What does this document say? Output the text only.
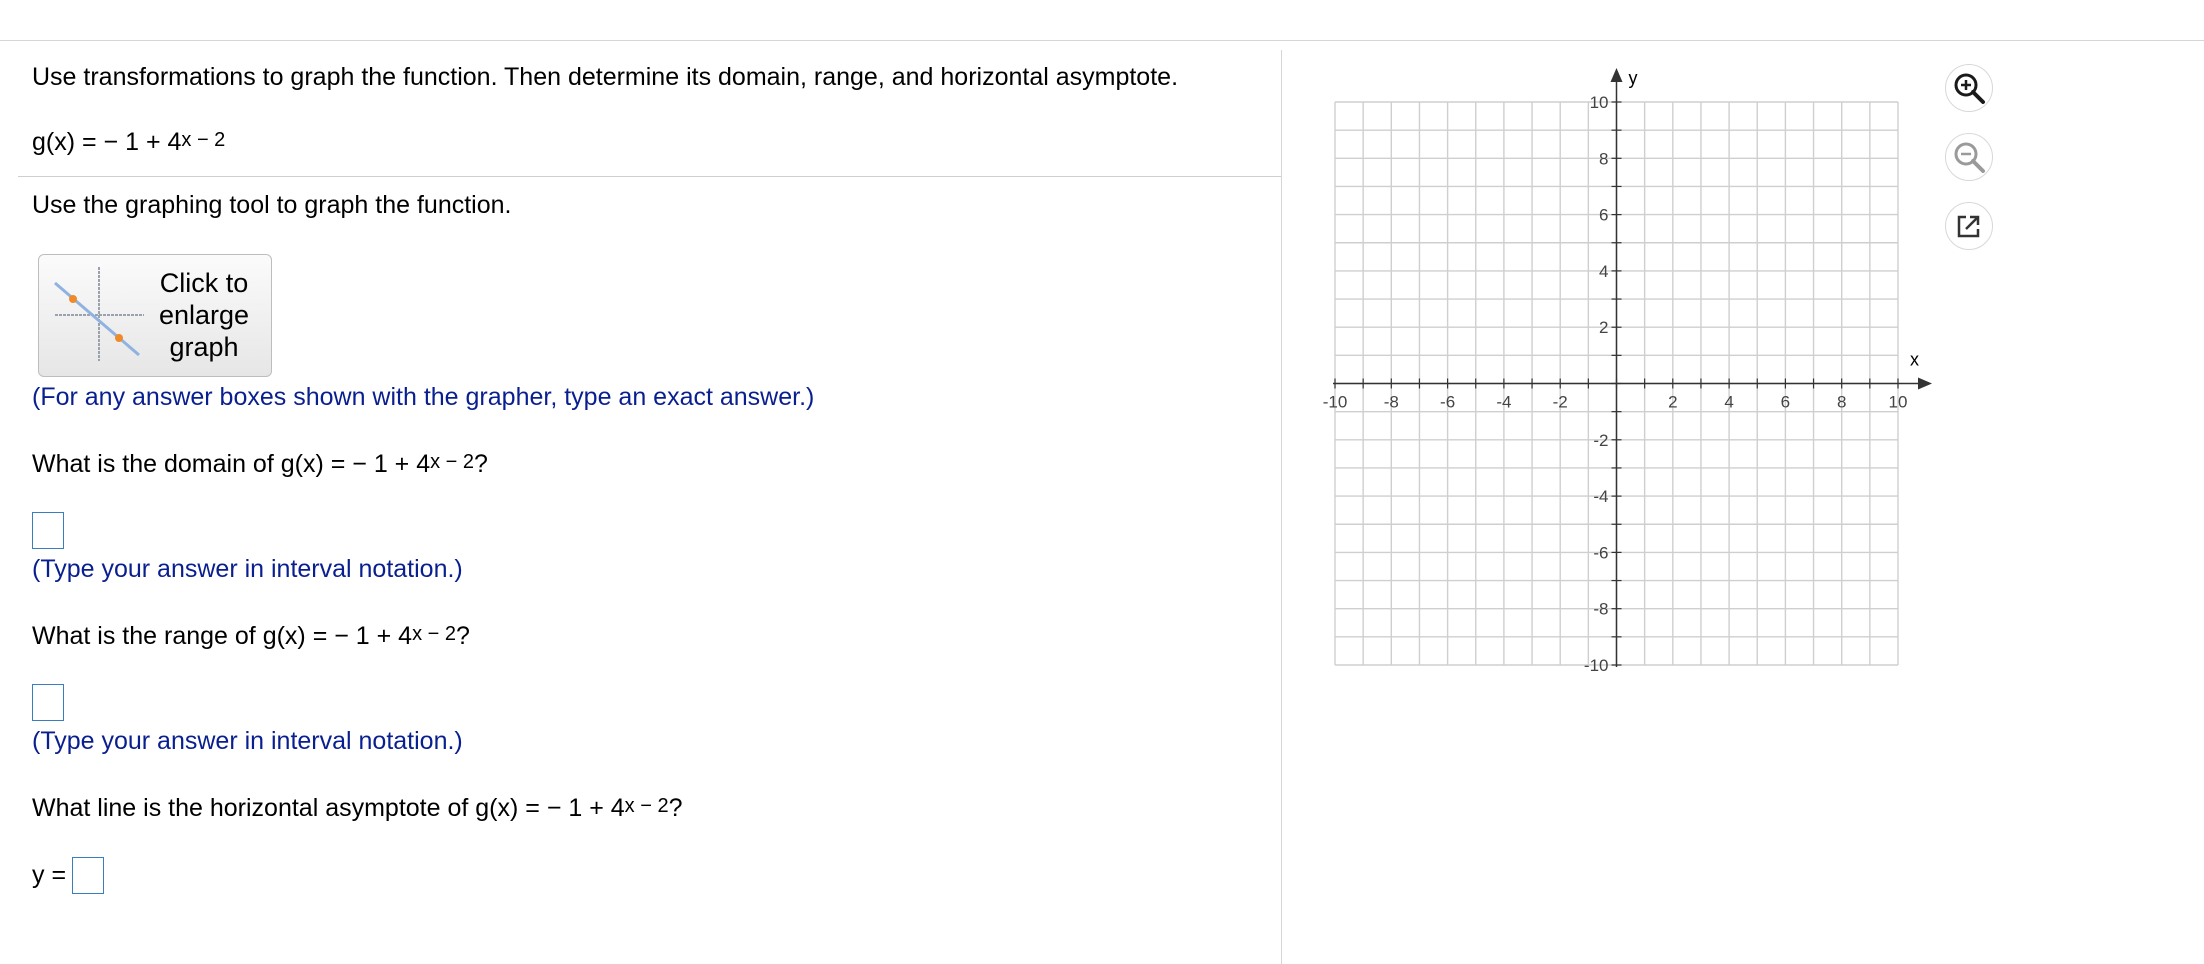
Use transformations to graph the function. Then determine its domain, range, and horizontal asymptote.
g(x) = − $1 + 4^{x - 2}$
Use the graphing tool to graph the function.
Click to
enlarge
graph
(For any answer boxes shown with the grapher, type an exact answer.)
What is the domain of g(x) = − $1 + 4^{x - 2}$?
(Type your answer in interval notation.)
What is the range of g(x) = − $1 + 4^{x - 2}$?
(Type your answer in interval notation.)
What line is the horizontal asymptote of g(x) = − $1 + 4^{x - 2}$?
y =
-10 -8 -6 -4 -2	2	4	6	8 10
-10
-8
-6
-4
-2
2
4
6
8
10
x
y
